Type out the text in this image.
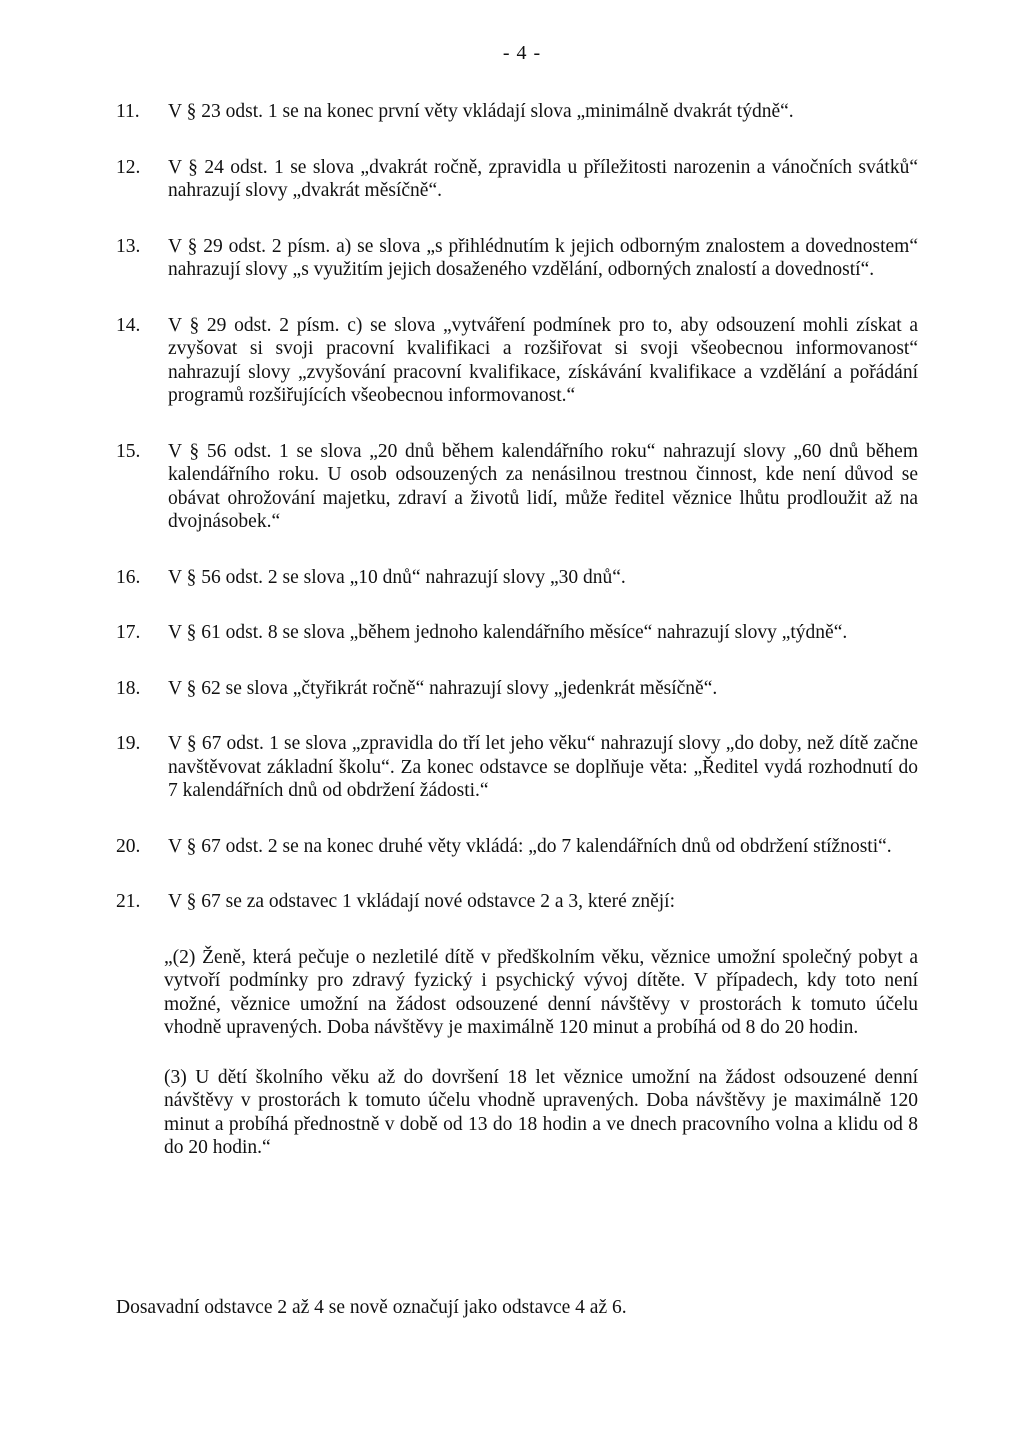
- 4 -
11.	V § 23 odst. 1 se na konec první věty vkládají slova „minimálně dvakrát týdně“.
12.	V § 24 odst. 1 se slova „dvakrát ročně, zpravidla u příležitosti narozenin a vánočních svátků“ nahrazují slovy „dvakrát měsíčně“.
13.	V § 29 odst. 2 písm. a) se slova „s přihlédnutím k jejich odborným znalostem a dovednostem“ nahrazují slovy „s využitím jejich dosaženého vzdělání, odborných znalostí a dovedností“.
14.	V § 29 odst. 2 písm. c) se slova „vytváření podmínek pro to, aby odsouzení mohli získat a zvyšovat si svoji pracovní kvalifikaci a rozšiřovat si svoji všeobecnou informovanost“ nahrazují slovy „zvyšování pracovní kvalifikace, získávání kvalifikace a vzdělání a pořádání programů rozšiřujících všeobecnou informovanost.“
15.	V § 56 odst. 1 se slova „20 dnů během kalendářního roku“ nahrazují slovy „60 dnů během kalendářního roku. U osob odsouzených za nenásilnou trestnou činnost, kde není důvod se obávat ohrožování majetku, zdraví a životů lidí, může ředitel věznice lhůtu prodloužit až na dvojnásobek.“
16.	V § 56 odst. 2 se slova „10 dnů“ nahrazují slovy „30 dnů“.
17.	V § 61 odst. 8 se slova „během jednoho kalendářního měsíce“ nahrazují slovy „týdně“.
18.	V § 62 se slova „čtyřikrát ročně“ nahrazují slovy „jedenkrát měsíčně“.
19.	V § 67 odst. 1 se slova „zpravidla do tří let jeho věku“ nahrazují slovy „do doby, než dítě začne navštěvovat základní školu“. Za konec odstavce se doplňuje věta: „Ředitel vydá rozhodnutí do 7 kalendářních dnů od obdržení žádosti.“
20.	V § 67 odst. 2 se na konec druhé věty vkládá: „do 7 kalendářních dnů od obdržení stížnosti“.
21.	V § 67 se za odstavec 1 vkládají nové odstavce 2 a 3, které znějí:
„(2) Ženě, která pečuje o nezletilé dítě v předškolním věku, věznice umožní společný pobyt a vytvoří podmínky pro zdravý fyzický i psychický vývoj dítěte. V případech, kdy toto není možné, věznice umožní na žádost odsouzené denní návštěvy v prostorách k tomuto účelu vhodně upravených. Doba návštěvy je maximálně 120 minut a probíhá od 8 do 20 hodin.
(3) U dětí školního věku až do dovršení 18 let věznice umožní na žádost odsouzené denní návštěvy v prostorách k tomuto účelu vhodně upravených. Doba návštěvy je maximálně 120 minut a probíhá přednostně v době od 13 do 18 hodin a ve dnech pracovního volna a klidu od 8 do 20 hodin.“
Dosavadní odstavce 2 až 4 se nově označují jako odstavce 4 až 6.
